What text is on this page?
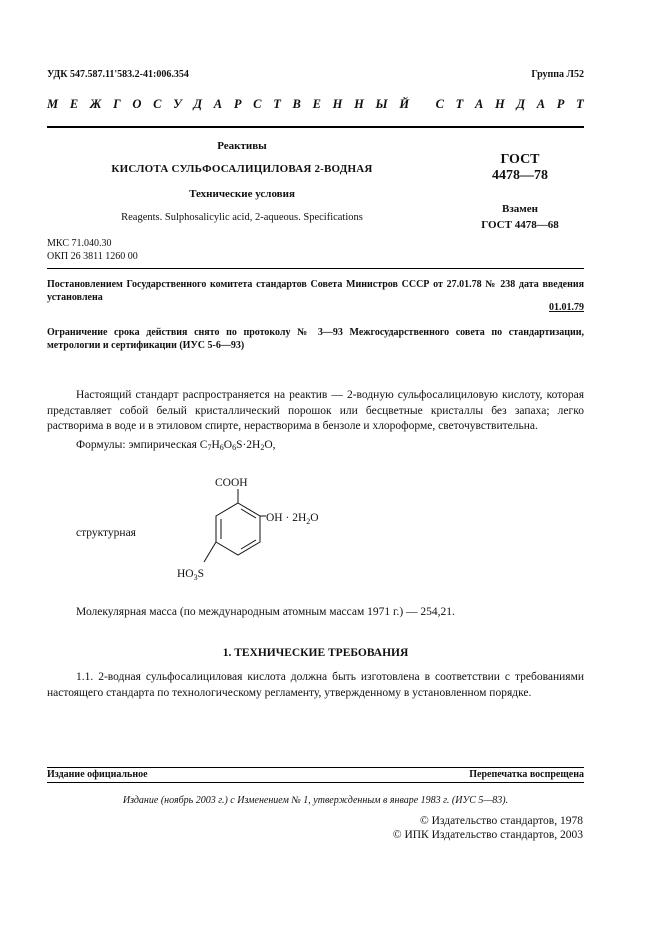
УДК 547.587.11'583.2-41:006.354	Группа Л52
М Е Ж Г О С У Д А Р С Т В Е Н Н Ы Й
С Т А Н Д А Р Т
Реактивы
КИСЛОТА СУЛЬФОСАЛИЦИЛОВАЯ 2-ВОДНАЯ
Технические условия
Reagents. Sulphosalicylic acid, 2-aqueous. Specifications
ГОСТ
4478—78
Взамен
ГОСТ 4478—68
МКС 71.040.30
ОКП 26 3811 1260 00
Постановлением Государственного комитета стандартов Совета Министров СССР от 27.01.78 № 238 дата введения установлена
01.01.79
Ограничение срока действия снято по протоколу № 3—93 Межгосударственного совета по стандартизации, метрологии и сертификации (ИУС 5-6—93)
Настоящий стандарт распространяется на реактив — 2-водную сульфосалициловую кислоту, которая представляет собой белый кристаллический порошок или бесцветные кристаллы без запаха; легко растворима в воде и в этиловом спирте, нерастворима в бензоле и хлороформе, светочувствительна.
Формулы: эмпирическая $C_7H_6O_6S\cdot 2H_2O$,
структурная
COOH
OH · $2H_2O$
$HO_3S$
Молекулярная масса (по международным атомным массам 1971 г.) — 254,21.
1. ТЕХНИЧЕСКИЕ ТРЕБОВАНИЯ
1.1. 2-водная сульфосалициловая кислота должна быть изготовлена в соответствии с требованиями настоящего стандарта по технологическому регламенту, утвержденному в установленном порядке.
Издание официальное	Перепечатка воспрещена
Издание (ноябрь 2003 г.) с Изменением № 1, утвержденным в январе 1983 г. (ИУС 5—83).
© Издательство стандартов, 1978
© ИПК Издательство стандартов, 2003
